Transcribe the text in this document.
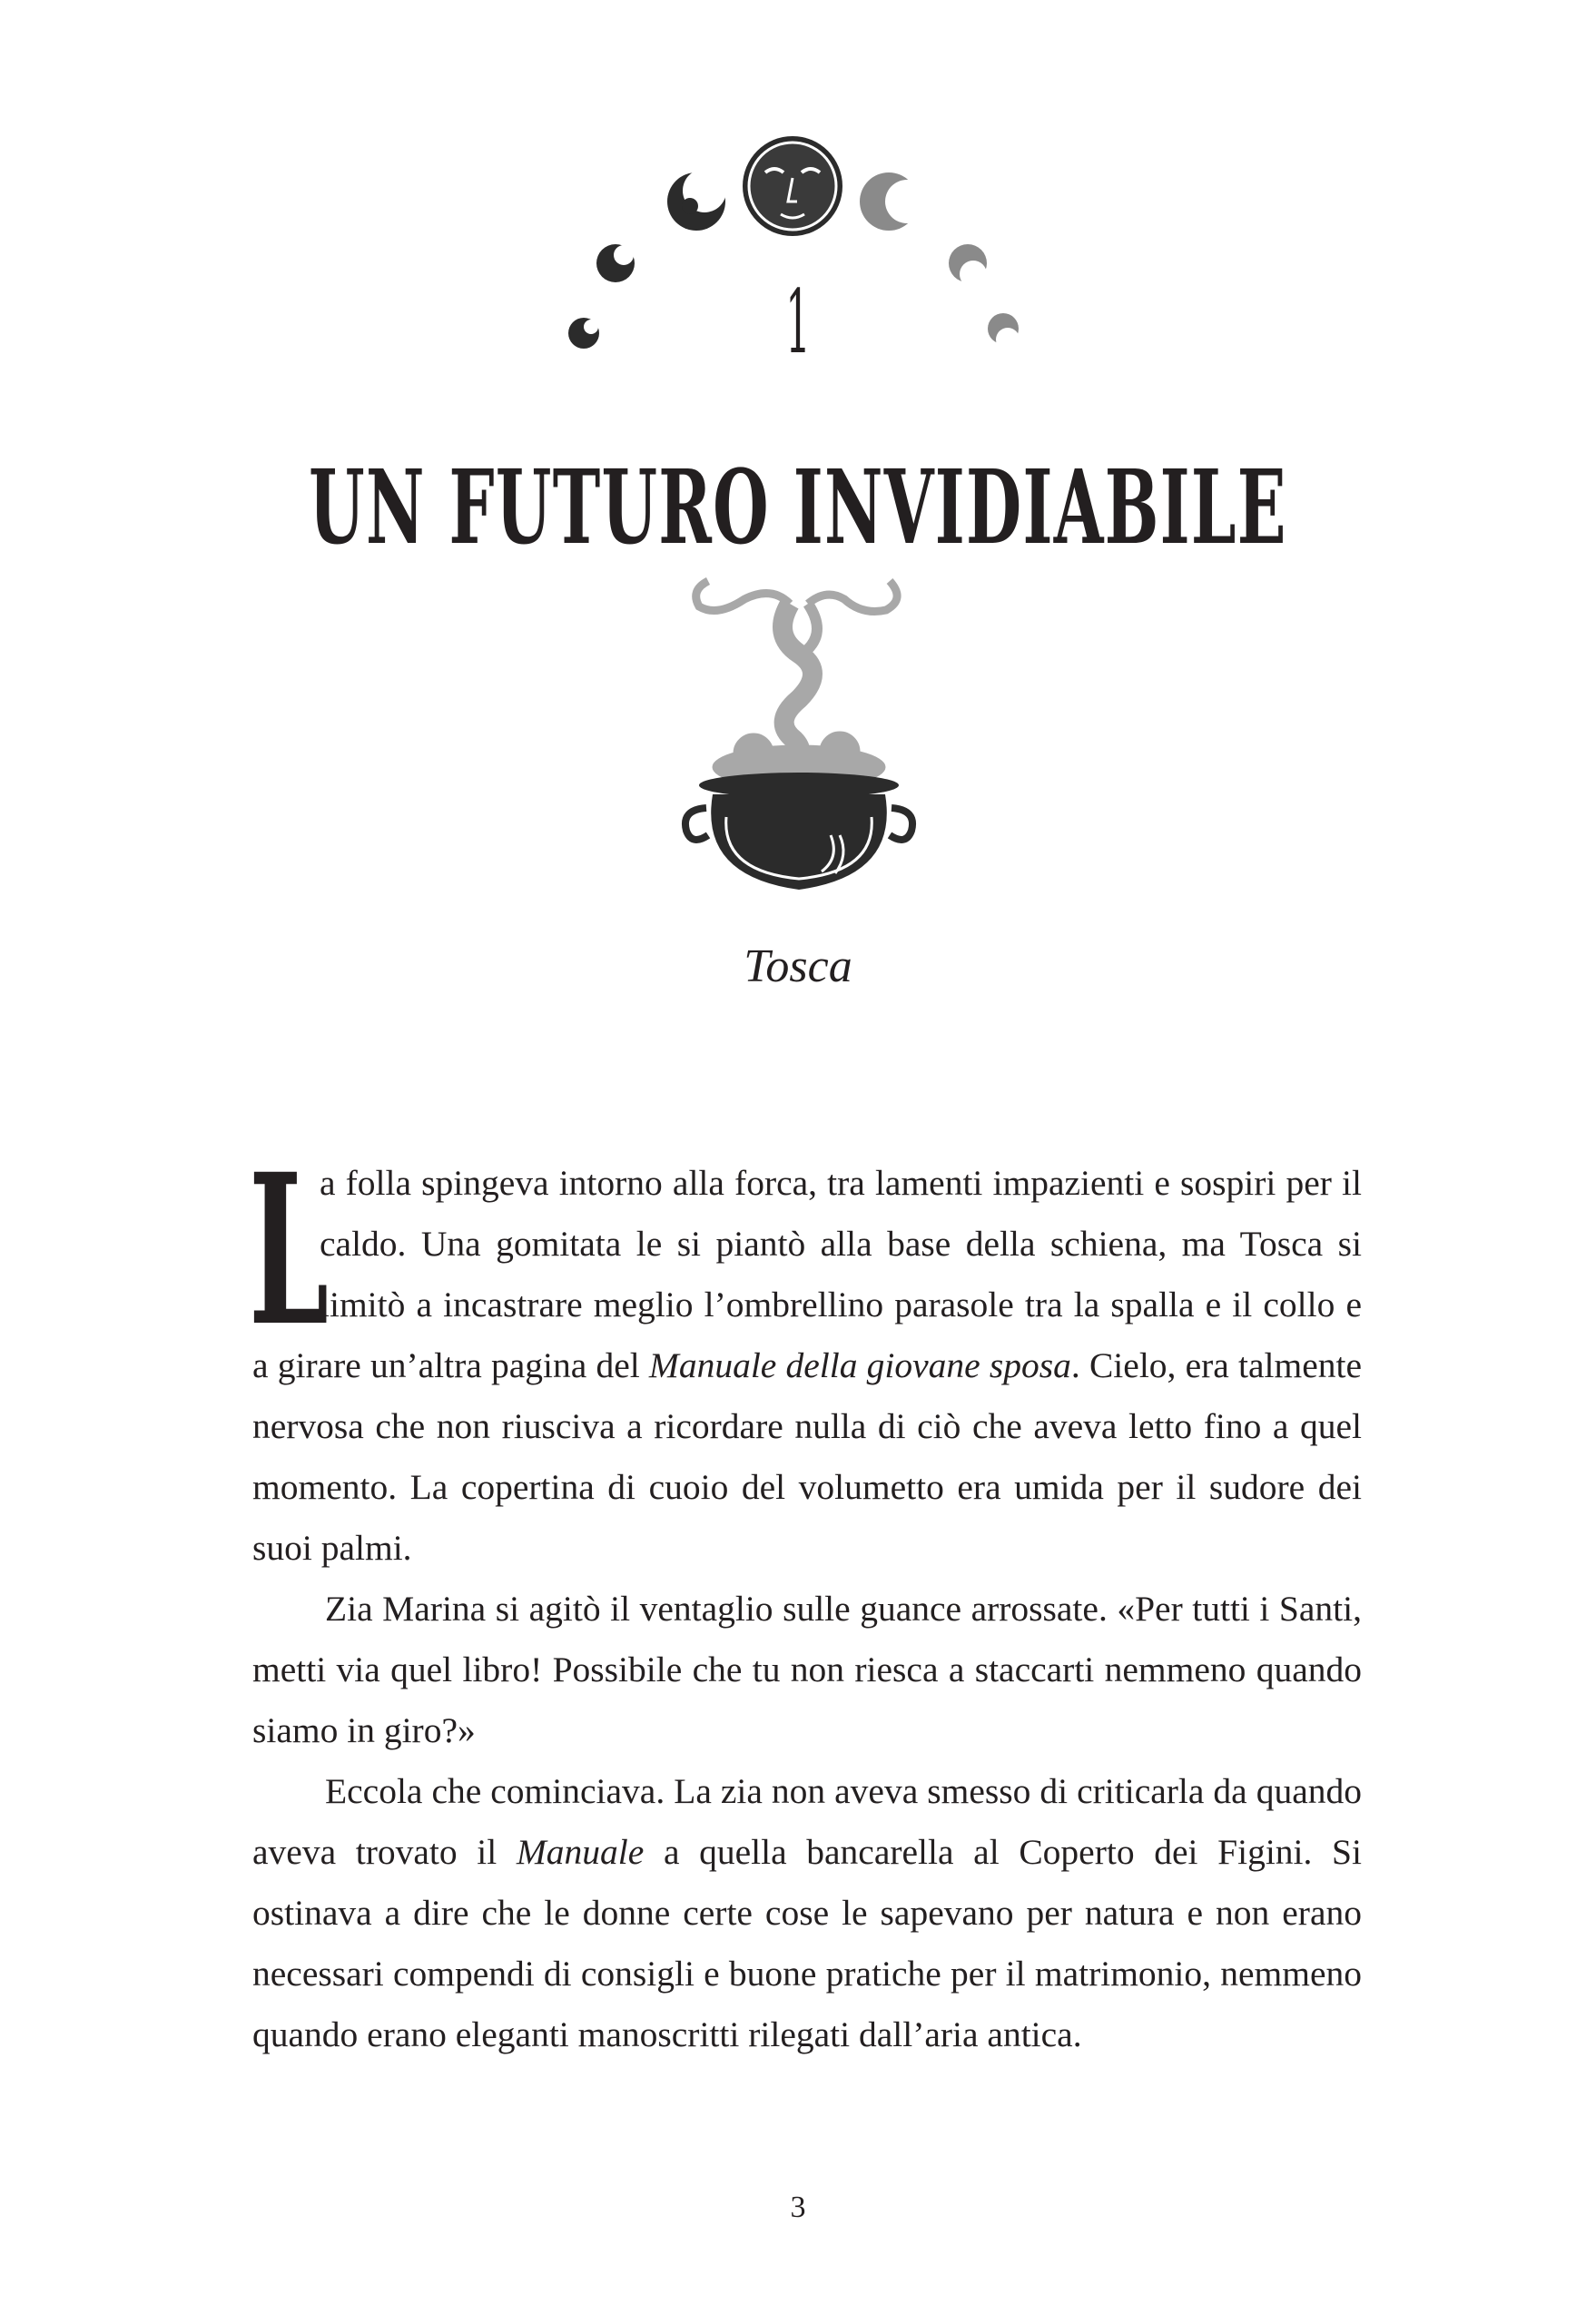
1
UN FUTURO INVIDIABILE
Tosca

L
a folla spingeva intorno alla forca, tra lamenti impazienti e sospiri per il caldo. Una gomitata le si piantò alla base della schiena, ma Tosca si limitò a incastrare meglio l’ombrellino parasole tra la spalla e il collo e a girare un’altra pagina del Manuale della giovane sposa. Cielo, era talmente nervosa che non riusciva a ricordare nulla di ciò che aveva letto fino a quel momento. La copertina di cuoio del volumetto era umida per il sudore dei suoi palmi.

Zia Marina si agitò il ventaglio sulle guance arrossate. «Per tutti i Santi, metti via quel libro! Possibile che tu non riesca a staccarti nemmeno quando siamo in giro?»

Eccola che cominciava. La zia non aveva smesso di criticarla da quando aveva trovato il Manuale a quella bancarella al Coperto dei Figini. Si ostinava a dire che le donne certe cose le sapevano per natura e non erano necessari compendi di consigli e buone pratiche per il matrimonio, nemmeno quando erano eleganti manoscritti rilegati dall’aria antica.

3
